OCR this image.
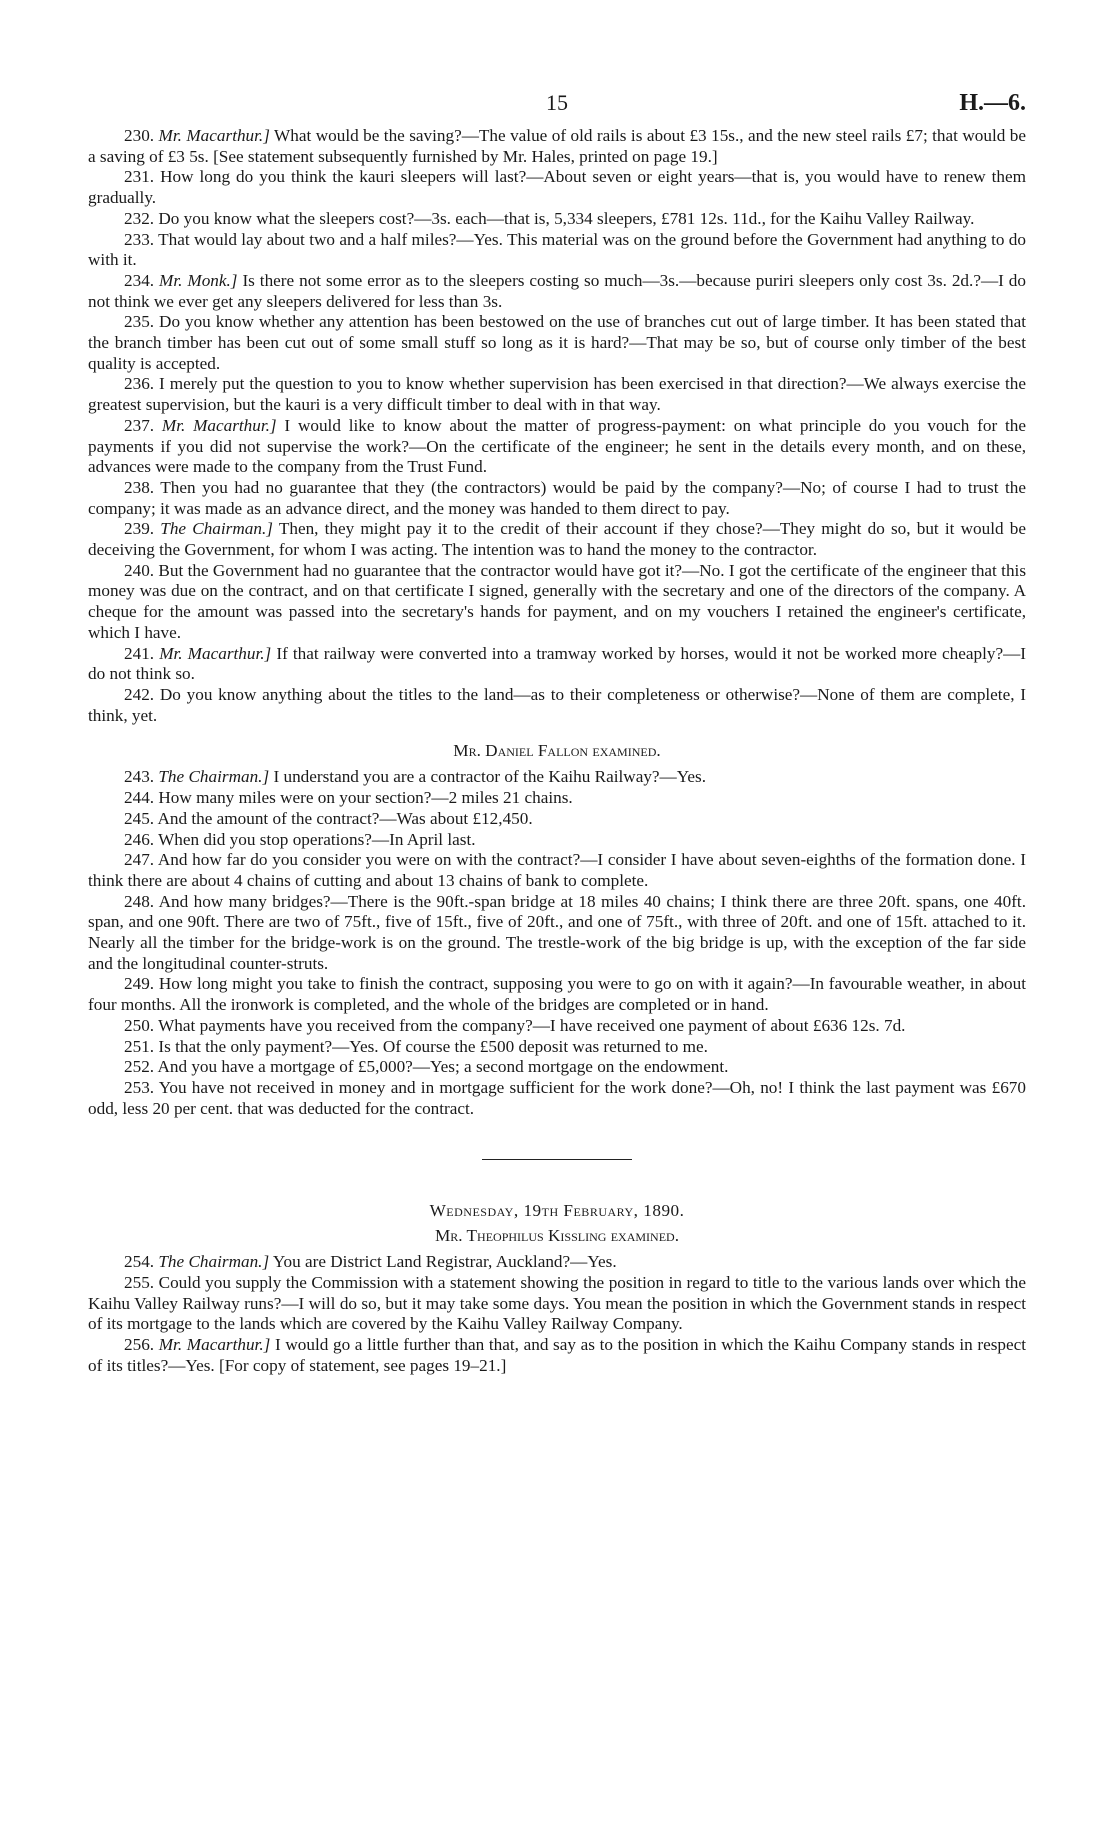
15	H.—6.

230. Mr. Macarthur.] What would be the saving?—The value of old rails is about £3 15s., and the new steel rails £7; that would be a saving of £3 5s. [See statement subsequently furnished by Mr. Hales, printed on page 19.]

231. How long do you think the kauri sleepers will last?—About seven or eight years—that is, you would have to renew them gradually.

232. Do you know what the sleepers cost?—3s. each—that is, 5,334 sleepers, £781 12s. 11d., for the Kaihu Valley Railway.

233. That would lay about two and a half miles?—Yes. This material was on the ground before the Government had anything to do with it.

234. Mr. Monk.] Is there not some error as to the sleepers costing so much—3s.—because puriri sleepers only cost 3s. 2d.?—I do not think we ever get any sleepers delivered for less than 3s.

235. Do you know whether any attention has been bestowed on the use of branches cut out of large timber. It has been stated that the branch timber has been cut out of some small stuff so long as it is hard?—That may be so, but of course only timber of the best quality is accepted.

236. I merely put the question to you to know whether supervision has been exercised in that direction?—We always exercise the greatest supervision, but the kauri is a very difficult timber to deal with in that way.

237. Mr. Macarthur.] I would like to know about the matter of progress-payment: on what principle do you vouch for the payments if you did not supervise the work?—On the certificate of the engineer; he sent in the details every month, and on these, advances were made to the company from the Trust Fund.

238. Then you had no guarantee that they (the contractors) would be paid by the company?—No; of course I had to trust the company; it was made as an advance direct, and the money was handed to them direct to pay.

239. The Chairman.] Then, they might pay it to the credit of their account if they chose?—They might do so, but it would be deceiving the Government, for whom I was acting. The intention was to hand the money to the contractor.

240. But the Government had no guarantee that the contractor would have got it?—No. I got the certificate of the engineer that this money was due on the contract, and on that certificate I signed, generally with the secretary and one of the directors of the company. A cheque for the amount was passed into the secretary's hands for payment, and on my vouchers I retained the engineer's certificate, which I have.

241. Mr. Macarthur.] If that railway were converted into a tramway worked by horses, would it not be worked more cheaply?—I do not think so.

242. Do you know anything about the titles to the land—as to their completeness or otherwise?—None of them are complete, I think, yet.

Mr. Daniel Fallon examined.

243. The Chairman.] I understand you are a contractor of the Kaihu Railway?—Yes.

244. How many miles were on your section?—2 miles 21 chains.

245. And the amount of the contract?—Was about £12,450.

246. When did you stop operations?—In April last.

247. And how far do you consider you were on with the contract?—I consider I have about seven-eighths of the formation done. I think there are about 4 chains of cutting and about 13 chains of bank to complete.

248. And how many bridges?—There is the 90ft.-span bridge at 18 miles 40 chains; I think there are three 20ft. spans, one 40ft. span, and one 90ft. There are two of 75ft., five of 15ft., five of 20ft., and one of 75ft., with three of 20ft. and one of 15ft. attached to it. Nearly all the timber for the bridge-work is on the ground. The trestle-work of the big bridge is up, with the exception of the far side and the longitudinal counter-struts.

249. How long might you take to finish the contract, supposing you were to go on with it again?—In favourable weather, in about four months. All the ironwork is completed, and the whole of the bridges are completed or in hand.

250. What payments have you received from the company?—I have received one payment of about £636 12s. 7d.

251. Is that the only payment?—Yes. Of course the £500 deposit was returned to me.

252. And you have a mortgage of £5,000?—Yes; a second mortgage on the endowment.

253. You have not received in money and in mortgage sufficient for the work done?—Oh, no! I think the last payment was £670 odd, less 20 per cent. that was deducted for the contract.

Wednesday, 19th February, 1890.
Mr. Theophilus Kissling examined.

254. The Chairman.] You are District Land Registrar, Auckland?—Yes.

255. Could you supply the Commission with a statement showing the position in regard to title to the various lands over which the Kaihu Valley Railway runs?—I will do so, but it may take some days. You mean the position in which the Government stands in respect of its mortgage to the lands which are covered by the Kaihu Valley Railway Company.

256. Mr. Macarthur.] I would go a little further than that, and say as to the position in which the Kaihu Company stands in respect of its titles?—Yes. [For copy of statement, see pages 19–21.]
